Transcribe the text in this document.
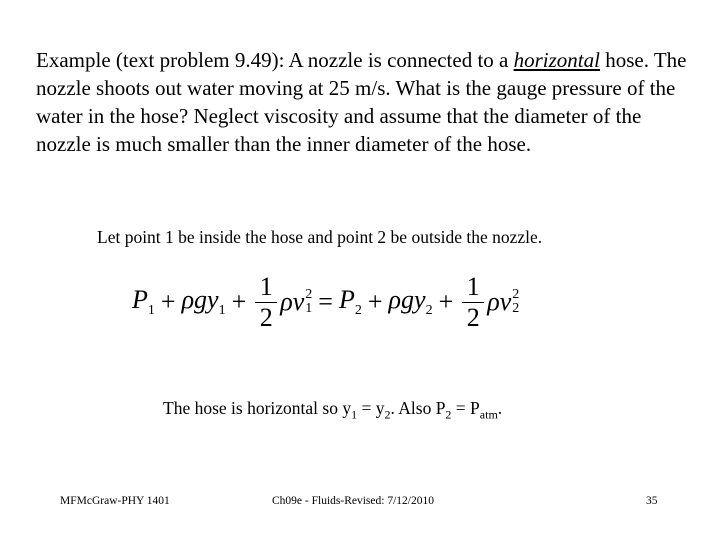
Example (text problem 9.49): A nozzle is connected to a horizontal hose. The nozzle shoots out water moving at 25 m/s. What is the gauge pressure of the water in the hose? Neglect viscosity and assume that the diameter of the nozzle is much smaller than the inner diameter of the hose.

Let point 1 be inside the hose and point 2 be outside the nozzle.

$P_1 + \rho gy_1 + \frac{1}{2}$ ρv 2
$1 = P_2 + \rho gy_2 + \frac{1}{2}$ ρv 2
2

The hose is horizontal so $y_1 = y_2$. Also $P_2 = P_{atm}$.

MFMcGraw-PHY 1401	Ch09e - Fluids-Revised: 7/12/2010	35
